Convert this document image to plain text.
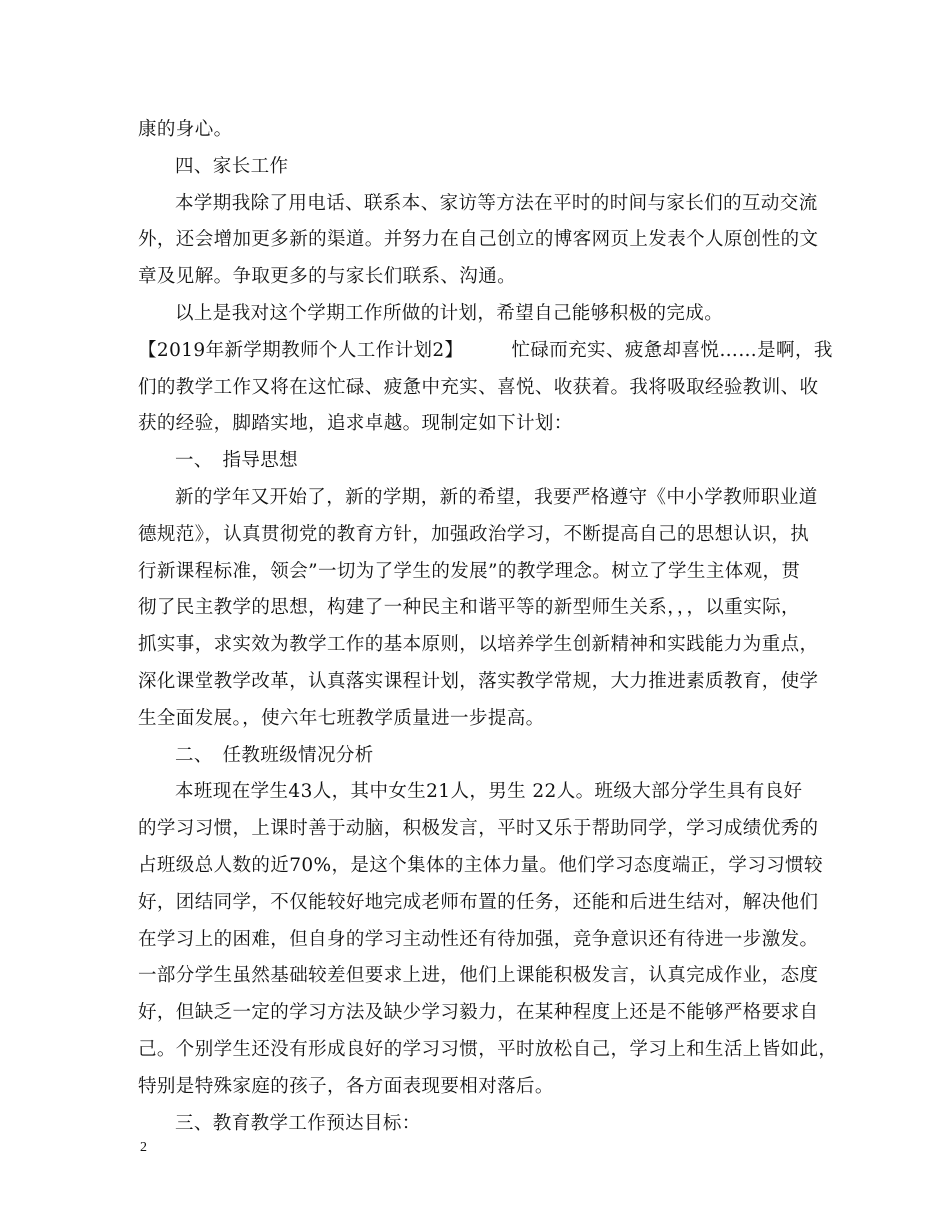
康的身心。
四、家长工作
本学期我除了用电话、联系本、家访等方法在平时的时间与家长们的互动交流
外，还会增加更多新的渠道。并努力在自己创立的博客网页上发表个人原创性的文
章及见解。争取更多的与家长们联系、沟通。
以上是我对这个学期工作所做的计划，希望自己能够积极的完成。
【2019年新学期教师个人工作计划2】	忙碌而充实、疲惫却喜悦……是啊，我
们的教学工作又将在这忙碌、疲惫中充实、喜悦、收获着。我将吸取经验教训、收
获的经验，脚踏实地，追求卓越。现制定如下计划：
一、　指导思想
新的学年又开始了，新的学期，新的希望，我要严格遵守《中小学教师职业道
德规范》，认真贯彻党的教育方针，加强政治学习，不断提高自己的思想认识，执
行新课程标准，领会”一切为了学生的发展”的教学理念。树立了学生主体观，贯
彻了民主教学的思想，构建了一种民主和谐平等的新型师生关系，，，以重实际，
抓实事，求实效为教学工作的基本原则，以培养学生创新精神和实践能力为重点，
深化课堂教学改革，认真落实课程计划，落实教学常规，大力推进素质教育，使学
生全面发展。，使六年七班教学质量进一步提高。
二、　任教班级情况分析
本班现在学生43人，其中女生21人，男生 22人。班级大部分学生具有良好
的学习习惯，上课时善于动脑，积极发言，平时又乐于帮助同学，学习成绩优秀的
占班级总人数的近70%，是这个集体的主体力量。他们学习态度端正，学习习惯较
好，团结同学，不仅能较好地完成老师布置的任务，还能和后进生结对，解决他们
在学习上的困难，但自身的学习主动性还有待加强，竞争意识还有待进一步激发。
一部分学生虽然基础较差但要求上进，他们上课能积极发言，认真完成作业，态度
好，但缺乏一定的学习方法及缺少学习毅力，在某种程度上还是不能够严格要求自
己。个别学生还没有形成良好的学习习惯，平时放松自己，学习上和生活上皆如此，
特别是特殊家庭的孩子，各方面表现要相对落后。
三、教育教学工作预达目标：
2
